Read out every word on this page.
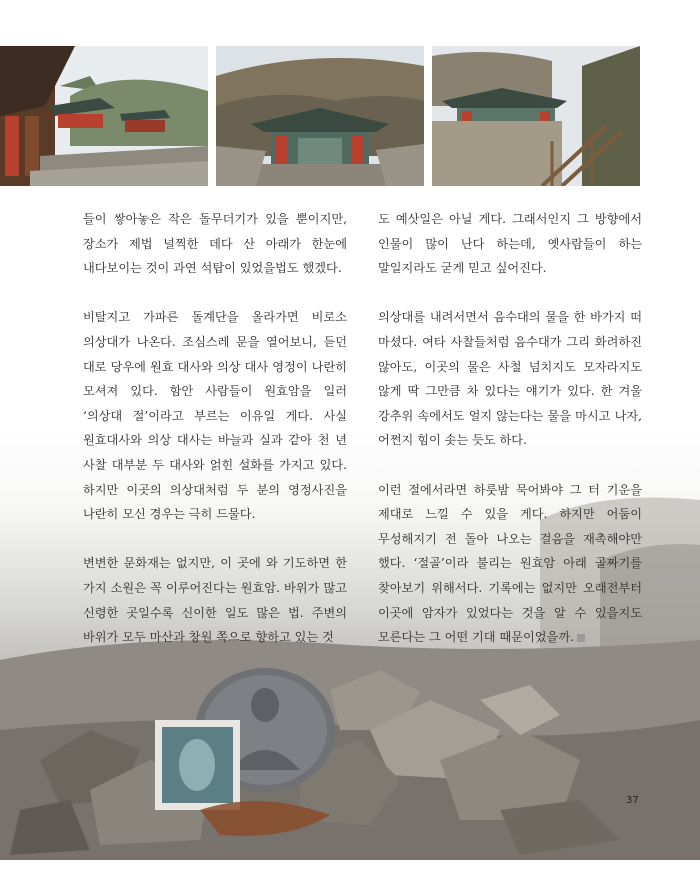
들이 쌓아놓은 작은 돌무더기가 있을 뿐이지만, 장소가 제법 널찍한 데다 산 아래가 한눈에 내다보이는 것이 과연 석탑이 있었을법도 했겠다.

비탈지고 가파른 돌계단을 올라가면 비로소 의상대가 나온다. 조심스레 문을 열어보니, 듣던 대로 당우에 원효 대사와 의상 대사 영정이 나란히 모셔져 있다. 함안 사람들이 원효암을 일러 ‘의상대 절’이라고 부르는 이유일 게다. 사실 원효대사와 의상 대사는 바늘과 실과 같아 천 년 사찰 대부분 두 대사와 얽힌 설화를 가지고 있다. 하지만 이곳의 의상대처럼 두 분의 영정사진을 나란히 모신 경우는 극히 드물다.

변변한 문화재는 없지만, 이 곳에 와 기도하면 한 가지 소원은 꼭 이루어진다는 원효암. 바위가 많고 신령한 곳일수록 신이한 일도 많은 법. 주변의 바위가 모두 마산과 창원 쪽으로 향하고 있는 것

도 예삿일은 아닐 게다. 그래서인지 그 방향에서 인물이 많이 난다 하는데, 옛사람들이 하는 말일지라도 굳게 믿고 싶어진다.

의상대를 내려서면서 음수대의 물을 한 바가지 떠 마셨다. 여타 사찰들처럼 음수대가 그리 화려하진 않아도, 이곳의 물은 사철 넘치지도 모자라지도 않게 딱 그만큼 차 있다는 얘기가 있다. 한 겨울 강추위 속에서도 얼지 않는다는 물을 마시고 나자, 어쩐지 힘이 솟는 듯도 하다.

이런 절에서라면 하룻밤 묵어봐야 그 터 기운을 제대로 느낄 수 있을 게다. 하지만 어둠이 무성해지기 전 돌아 나오는 걸음을 재촉해야만 했다. ‘절골’이라 불리는 원효암 아래 골짜기를 찾아보기 위해서다. 기록에는 없지만 오래전부터 이곳에 암자가 있었다는 것을 알 수 있을지도 모른다는 그 어떤 기대 때문이었을까.

37
